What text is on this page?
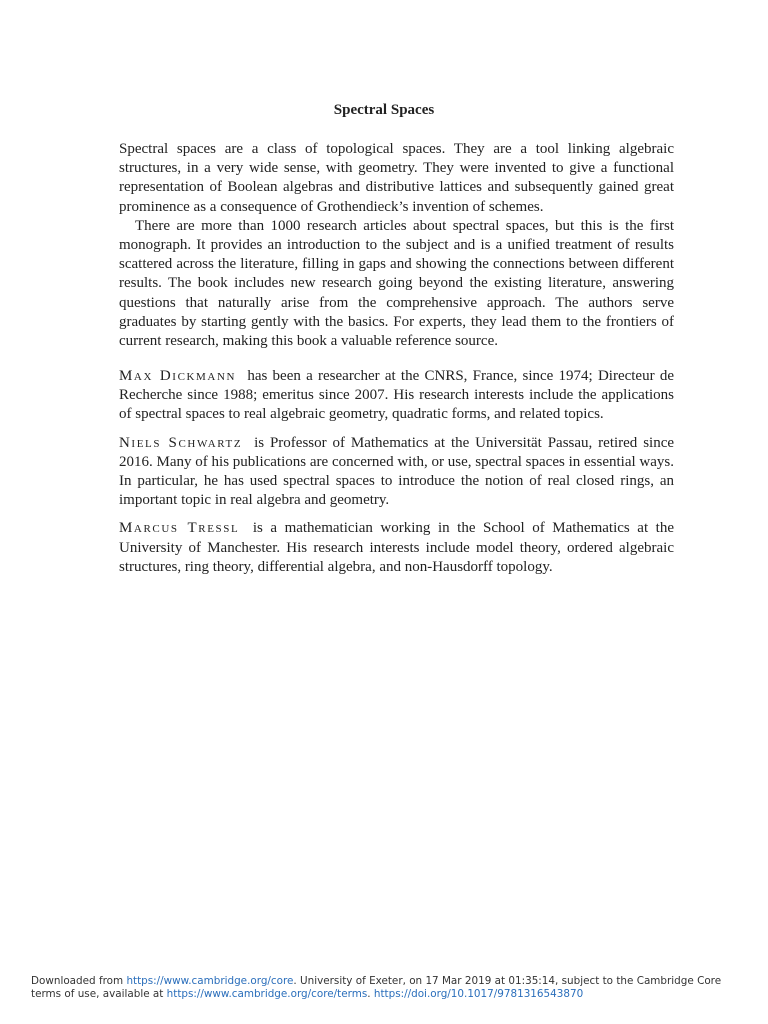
Spectral Spaces

Spectral spaces are a class of topological spaces. They are a tool linking algebraic structures, in a very wide sense, with geometry. They were invented to give a functional representation of Boolean algebras and distributive lattices and subsequently gained great prominence as a consequence of Grothendieck’s invention of schemes.

There are more than 1000 research articles about spectral spaces, but this is the first monograph. It provides an introduction to the subject and is a unified treatment of results scattered across the literature, filling in gaps and showing the connections between different results. The book includes new research going beyond the existing literature, answering questions that naturally arise from the comprehensive approach. The authors serve graduates by starting gently with the basics. For experts, they lead them to the frontiers of current research, making this book a valuable reference source.

Max Dickmann has been a researcher at the CNRS, France, since 1974; Directeur de Recherche since 1988; emeritus since 2007. His research interests include the applications of spectral spaces to real algebraic geometry, quadratic forms, and related topics.

Niels Schwartz is Professor of Mathematics at the Universität Passau, retired since 2016. Many of his publications are concerned with, or use, spectral spaces in essential ways. In particular, he has used spectral spaces to introduce the notion of real closed rings, an important topic in real algebra and geometry.

Marcus Tressl is a mathematician working in the School of Mathematics at the University of Manchester. His research interests include model theory, ordered algebraic structures, ring theory, differential algebra, and non-Hausdorff topology.

Downloaded from https://www.cambridge.org/core. University of Exeter, on 17 Mar 2019 at 01:35:14, subject to the Cambridge Core terms of use, available at https://www.cambridge.org/core/terms. https://doi.org/10.1017/9781316543870
